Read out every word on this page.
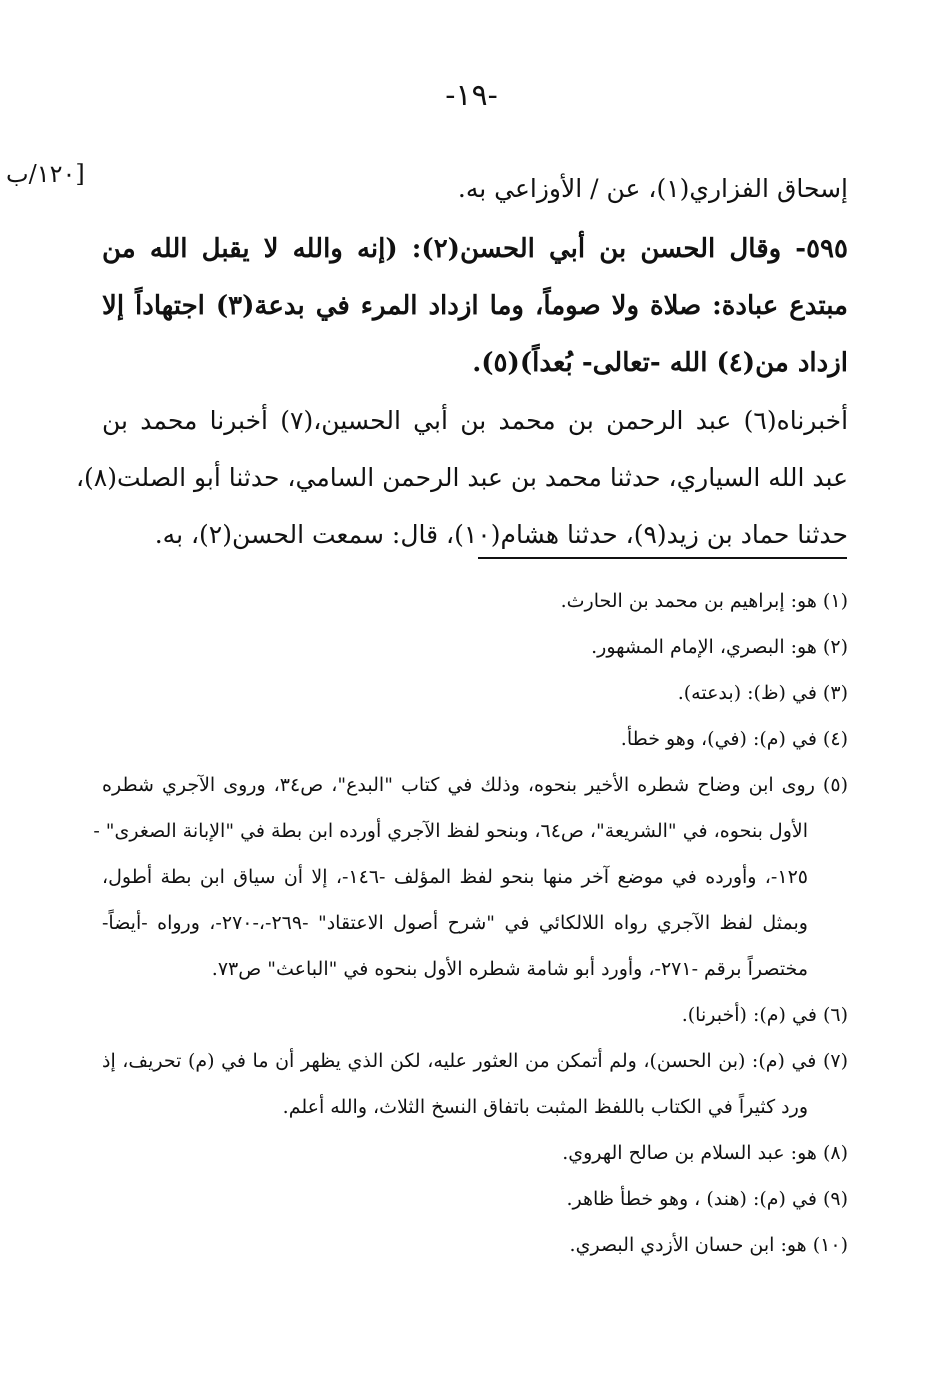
-١٩-
[١٢٠/ب	إسحاق الفزاري(١)، عن / الأوزاعي به.
٥٩٥- وقال الحسن بن أبي الحسن(٢): (إنه والله لا يقبل الله من
مبتدع عبادة: صلاة ولا صوماً، وما ازداد المرء في بدعة(٣) اجتهاداً إلا
ازداد من(٤) الله -تعالى- بُعداً)(٥).
أخبرناه(٦) عبد الرحمن بن محمد بن أبي الحسين،(٧) أخبرنا محمد بن
عبد الله السياري، حدثنا محمد بن عبد الرحمن السامي، حدثنا أبو الصلت(٨)،
حدثنا حماد بن زيد(٩)، حدثنا هشام(١٠)، قال: سمعت الحسن(٢)، به.
(١) هو: إبراهيم بن محمد بن الحارث.
(٢) هو: البصري، الإمام المشهور.
(٣) في (ظ): (بدعته).
(٤) في (م): (في)، وهو خطأ.
(٥) روى ابن وضاح شطره الأخير بنحوه، وذلك في كتاب "البدع"، ص٣٤، وروى الآجري شطره
الأول بنحوه، في "الشريعة"، ص٦٤، وبنحو لفظ الآجري أورده ابن بطة في "الإبانة الصغرى" -
١٢٥-، وأورده في موضع آخر منها بنحو لفظ المؤلف -١٤٦-، إلا أن سياق ابن بطة أطول،
وبمثل لفظ الآجري رواه اللالكائي في "شرح أصول الاعتقاد" -٢٦٩-،-٢٧٠-، ورواه -أيضاً-
مختصراً برقم -٢٧١-، وأورد أبو شامة شطره الأول بنحوه في "الباعث" ص٧٣.
(٦) في (م): (أخبرنا).
(٧) في (م): (بن الحسن)، ولم أتمكن من العثور عليه، لكن الذي يظهر أن ما في (م) تحريف، إذ
ورد كثيراً في الكتاب باللفظ المثبت باتفاق النسخ الثلاث، والله أعلم.
(٨) هو: عبد السلام بن صالح الهروي.
(٩) في (م): (هند) ، وهو خطأ ظاهر.
(١٠) هو: ابن حسان الأزدي البصري.
